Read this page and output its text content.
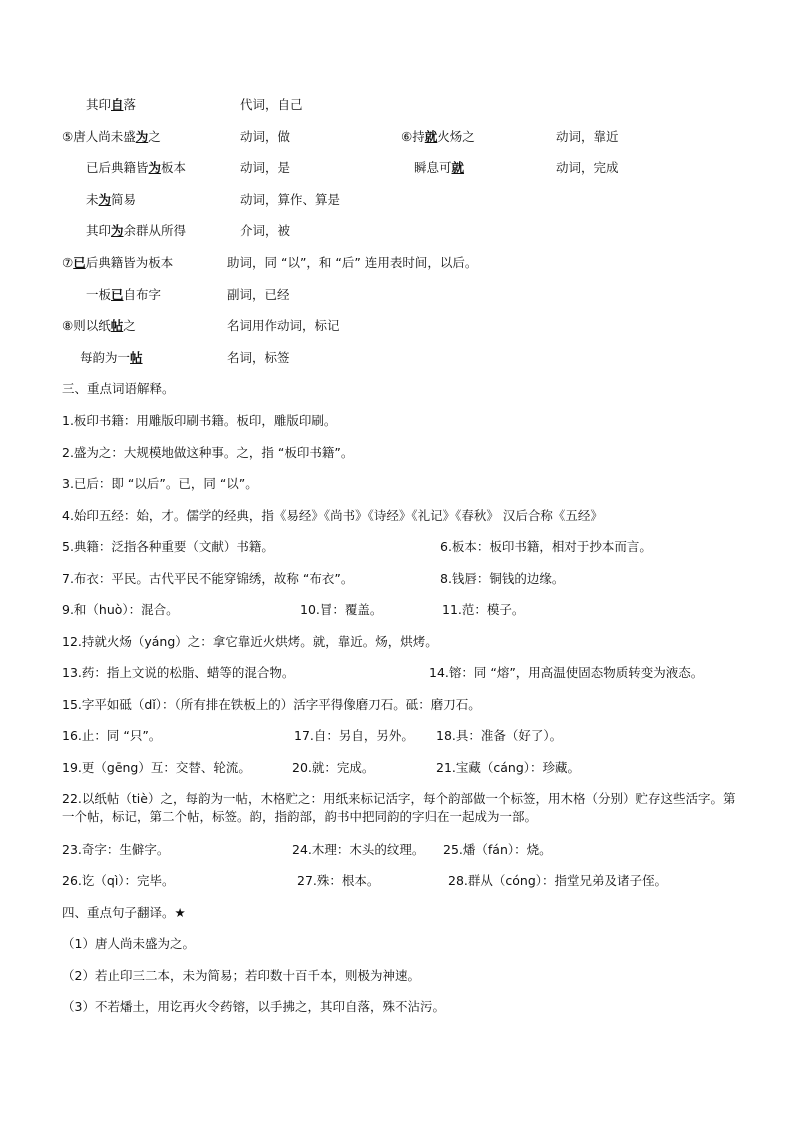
其印自落	代词，自己
⑤唐人尚未盛为之	动词，做	⑥持就火炀之	动词，靠近
已后典籍皆为板本	动词，是	瞬息可就	动词，完成
未为简易	动词，算作、算是
其印为余群从所得	介词，被
⑦已后典籍皆为板本	助词，同 “以”，和 “后” 连用表时间，以后。
一板已自布字	副词，已经
⑧则以纸帖之	名词用作动词，标记
每韵为一帖	名词，标签
三、重点词语解释。
1.板印书籍：用雕版印刷书籍。板印，雕版印刷。
2.盛为之：大规模地做这种事。之，指 “板印书籍”。
3.已后：即 “以后”。已，同 “以”。
4.始印五经：始，才。儒学的经典，指《易经》《尚书》《诗经》《礼记》《春秋》 汉后合称《五经》
5.典籍：泛指各种重要（文献）书籍。	6.板本：板印书籍，相对于抄本而言。
7.布衣：平民。古代平民不能穿锦绣，故称 “布衣”。	8.钱唇：铜钱的边缘。
9.和（huò）：混合。	10.冒：覆盖。	11.范：模子。
12.持就火炀（yáng）之：拿它靠近火烘烤。就，靠近。炀，烘烤。
13.药：指上文说的松脂、蜡等的混合物。	14.镕：同 “熔”，用高温使固态物质转变为液态。
15.字平如砥（dǐ）：（所有排在铁板上的）活字平得像磨刀石。砥：磨刀石。
16.止：同 “只”。	17.自：另自，另外。 18.具：准备（好了）。
19.更（gēng）互：交替、轮流。	20.就：完成。	21.宝藏（cáng）：珍藏。
22.以纸帖（tiè）之，每韵为一帖，木格贮之：用纸来标记活字，每个韵部做一个标签，用木格（分别）贮存这些活字。第一个帖，标记，第二个帖，标签。韵，指韵部，韵书中把同韵的字归在一起成为一部。
23.奇字：生僻字。	24.木理：木头的纹理。 25.燔（fán）：烧。
26.讫（qì）：完毕。	27.殊：根本。	28.群从（cóng）：指堂兄弟及诸子侄。
四、重点句子翻译。★
（1）唐人尚未盛为之。
（2）若止印三二本，未为简易；若印数十百千本，则极为神速。
（3）不若燔土，用讫再火令药镕，以手拂之，其印自落，殊不沾污。
